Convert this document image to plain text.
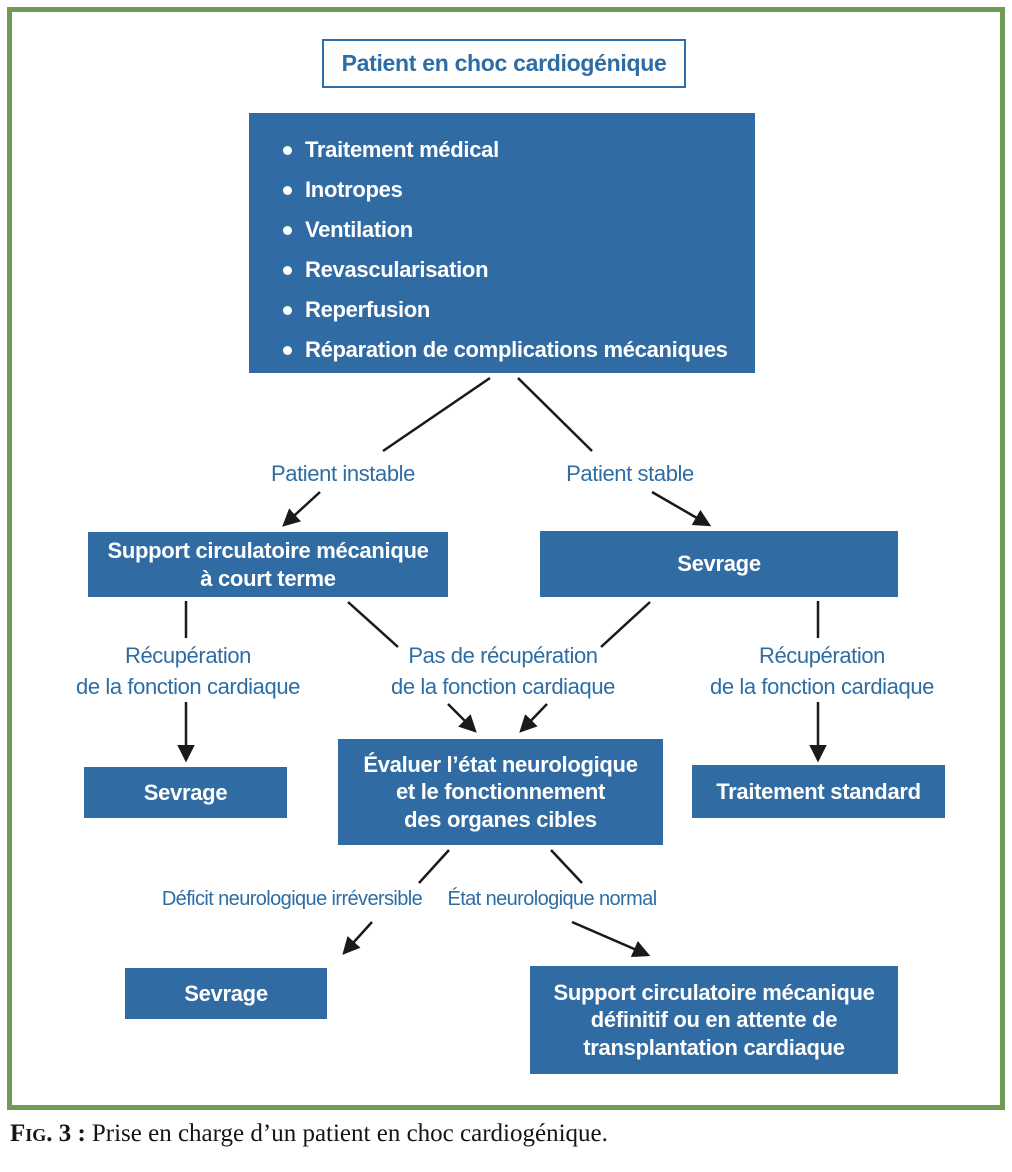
Patient en choc cardiogénique
Traitement médical
Inotropes
Ventilation
Revascularisation
Reperfusion
Réparation de complications mécaniques
Patient instable	Patient stable
Support circulatoire mécanique
à court terme
Sevrage
Récupération
de la fonction cardiaque
Pas de récupération
de la fonction cardiaque
Récupération
de la fonction cardiaque
Sevrage
Évaluer l’état neurologique
et le fonctionnement
des organes cibles
Traitement standard
Déficit neurologique irréversible État neurologique normal
Sevrage	Support circulatoire mécanique
définitif ou en attente de
transplantation cardiaque
Fig. 3 : Prise en charge d’un patient en choc cardiogénique.
